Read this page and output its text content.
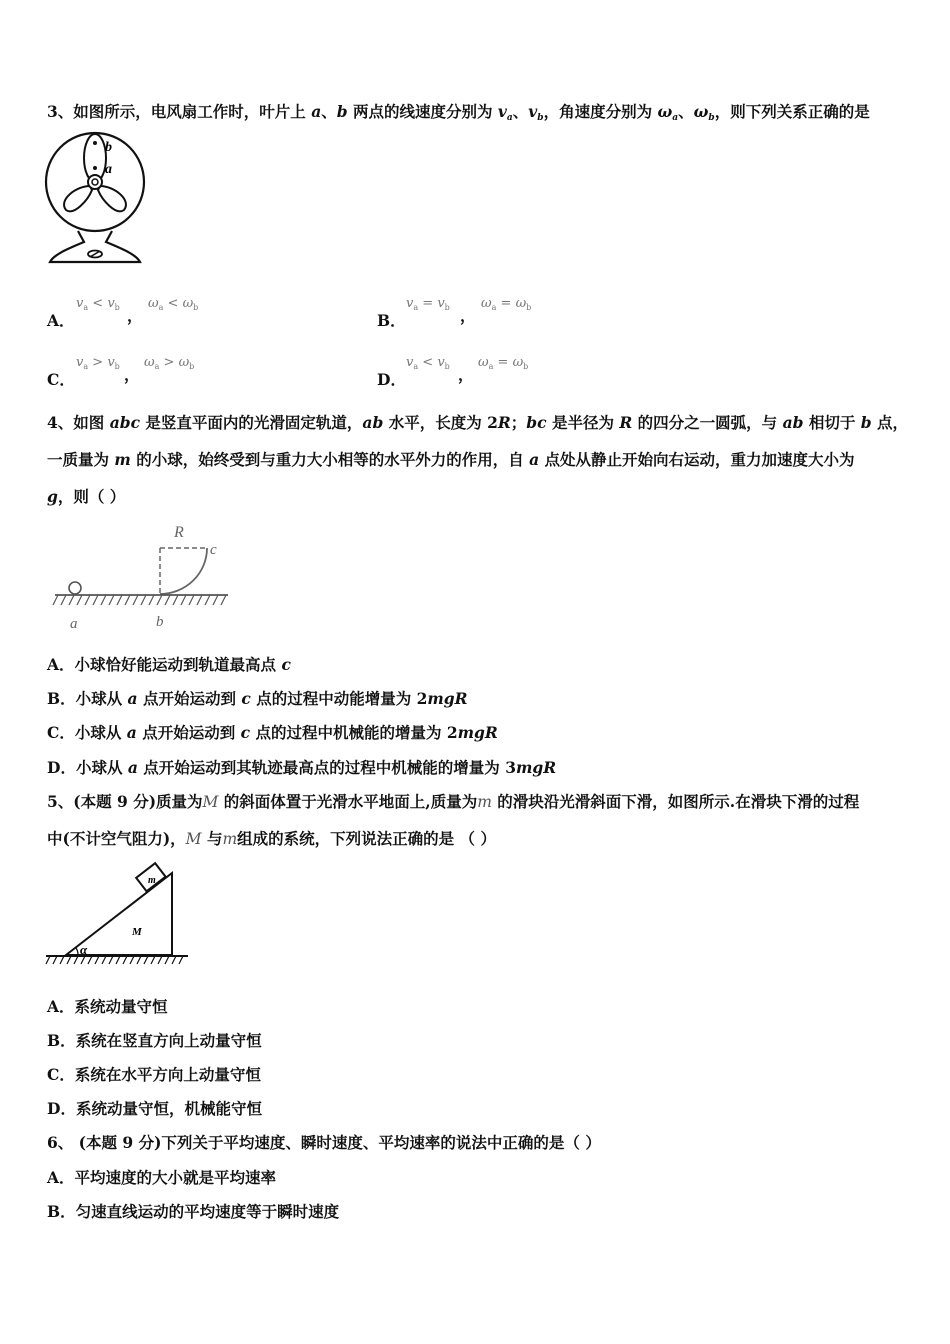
3、如图所示，电风扇工作时，叶片上 a、b 两点的线速度分别为 $v_a$、$v_b$，角速度分别为 $\omega_a$、$\omega_b$，则下列关系正确的是
b
a
A．
$v_a < v_b$ ，
$\omega_a < \omega_b$
B．
$v_a = v_b$ ，
$\omega_a = \omega_b$
C．
$v_a > v_b$ ，
$\omega_a > \omega_b$
D．
$v_a < v_b$ ，
$\omega_a = \omega_b$
4、如图 abc 是竖直平面内的光滑固定轨道，ab 水平，长度为 2R；bc 是半径为 R 的四分之一圆弧，与 ab 相切于 b 点，
一质量为 m 的小球，始终受到与重力大小相等的水平外力的作用，自 a 点处从静止开始向右运动，重力加速度大小为
g，则（ ）
R
c
a	b
A．小球恰好能运动到轨道最高点 c
B．小球从 a 点开始运动到 c 点的过程中动能增量为 2mgR
C．小球从 a 点开始运动到 c 点的过程中机械能的增量为 2mgR
D．小球从 a 点开始运动到其轨迹最高点的过程中机械能的增量为 3mgR
5、(本题 9 分)质量为M 的斜面体置于光滑水平地面上,质量为m 的滑块沿光滑斜面下滑，如图所示.在滑块下滑的过程
中(不计空气阻力)，M 与m组成的系统，下列说法正确的是 （ ）
m
M
α
A．系统动量守恒
B．系统在竖直方向上动量守恒
C．系统在水平方向上动量守恒
D．系统动量守恒，机械能守恒
6、 (本题 9 分)下列关于平均速度、瞬时速度、平均速率的说法中正确的是（ ）
A．平均速度的大小就是平均速率
B．匀速直线运动的平均速度等于瞬时速度
